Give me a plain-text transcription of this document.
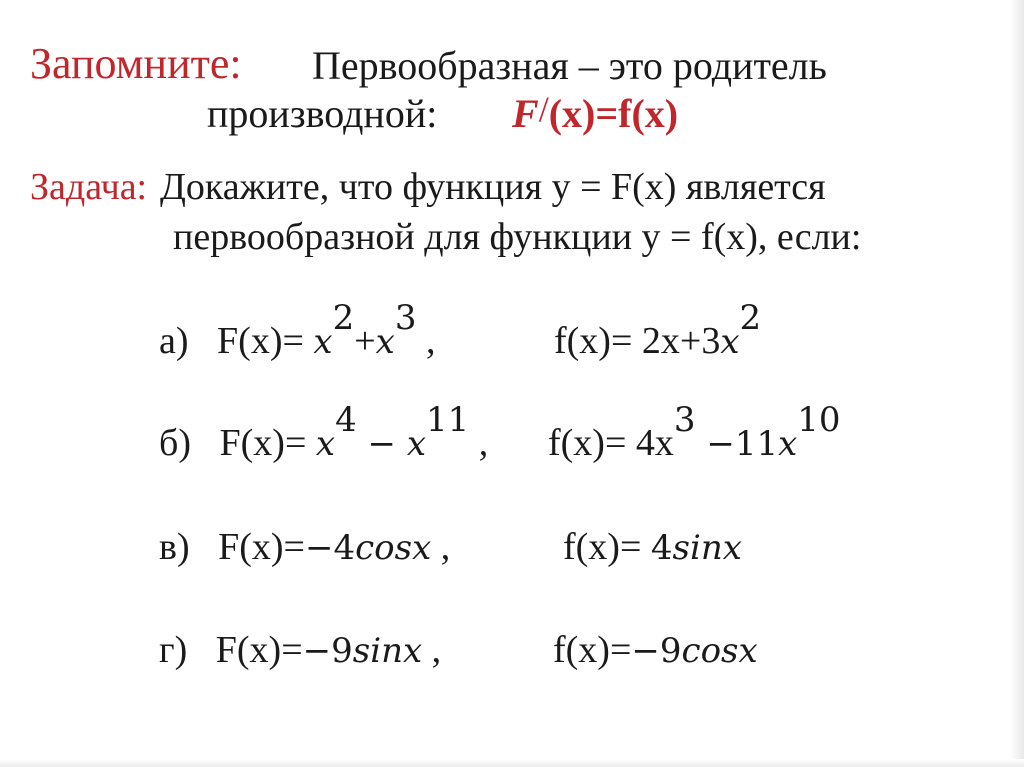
Запомните: Первообразная – это родитель
производной: F/(x)=f(x)
Задача: Докажите, что функция у = F(x) является
первообразной для функции у = f(x), если:
а) $F(x)= x^2+x^3$ ,	$f(x)= 2x+3x^2$
б) $F(x)= x^4 - x^{11}$ , $f(x)= 4x^3 -11x^{10}$
в) F(x)=−4cosx ,	f(x)= 4sinx
г) F(x)=−9sinx ,	f(x)=−9cosx
